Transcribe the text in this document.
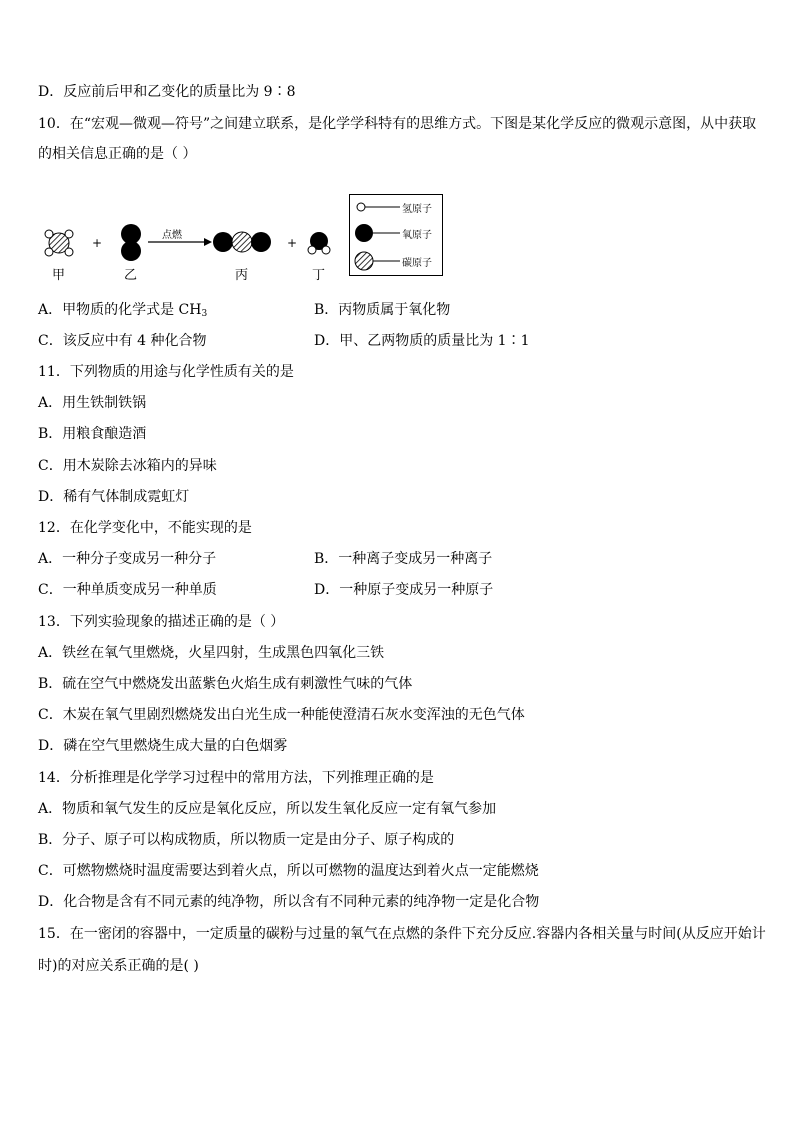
D．反应前后甲和乙变化的质量比为 9∶8
10．在“宏观—微观—符号”之间建立联系，是化学学科特有的思维方式。下图是某化学反应的微观示意图，从中获取
的相关信息正确的是（ ）
+	+
点燃
甲	乙	丙	丁
氢原子
氧原子
碳原子
A．甲物质的化学式是 $CH_3$	B．丙物质属于氧化物
C．该反应中有 4 种化合物	D．甲、乙两物质的质量比为 1∶1
11．下列物质的用途与化学性质有关的是
A．用生铁制铁锅
B．用粮食酿造酒
C．用木炭除去冰箱内的异味
D．稀有气体制成霓虹灯
12．在化学变化中，不能实现的是
A．一种分子变成另一种分子	B．一种离子变成另一种离子
C．一种单质变成另一种单质	D．一种原子变成另一种原子
13．下列实验现象的描述正确的是（ ）
A．铁丝在氧气里燃烧，火星四射，生成黑色四氧化三铁
B．硫在空气中燃烧发出蓝紫色火焰生成有刺激性气味的气体
C．木炭在氧气里剧烈燃烧发出白光生成一种能使澄清石灰水变浑浊的无色气体
D．磷在空气里燃烧生成大量的白色烟雾
14．分析推理是化学学习过程中的常用方法，下列推理正确的是
A．物质和氧气发生的反应是氧化反应，所以发生氧化反应一定有氧气参加
B．分子、原子可以构成物质，所以物质一定是由分子、原子构成的
C．可燃物燃烧时温度需要达到着火点，所以可燃物的温度达到着火点一定能燃烧
D．化合物是含有不同元素的纯净物，所以含有不同种元素的纯净物一定是化合物
15．在一密闭的容器中，一定质量的碳粉与过量的氧气在点燃的条件下充分反应.容器内各相关量与时间(从反应开始计
时)的对应关系正确的是( )
